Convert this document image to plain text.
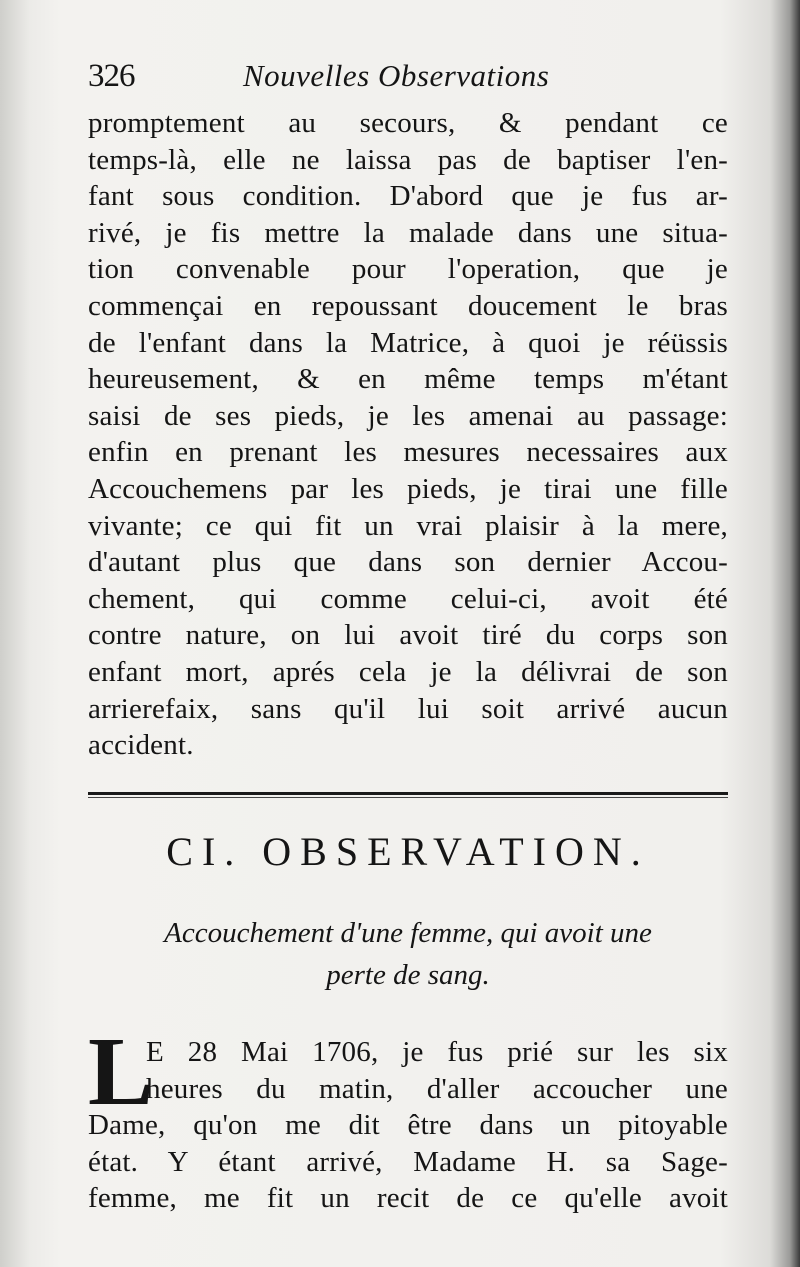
326	Nouvelles Observations
promptement au secours, & pendant ce
temps-là, elle ne laissa pas de baptiser l'en-
fant sous condition. D'abord que je fus ar-
rivé, je fis mettre la malade dans une situa-
tion convenable pour l'operation, que je
commençai en repoussant doucement le bras
de l'enfant dans la Matrice, à quoi je réüssis
heureusement, & en même temps m'étant
saisi de ses pieds, je les amenai au passage:
enfin en prenant les mesures necessaires aux
Accouchemens par les pieds, je tirai une fille
vivante; ce qui fit un vrai plaisir à la mere,
d'autant plus que dans son dernier Accou-
chement, qui comme celui-ci, avoit été
contre nature, on lui avoit tiré du corps son
enfant mort, aprés cela je la délivrai de son
arrierefaix, sans qu'il lui soit arrivé aucun
accident.
CI. OBSERVATION.
Accouchement d'une femme, qui avoit une
perte de sang.
L
E 28 Mai 1706, je fus prié sur les six
heures du matin, d'aller accoucher une
Dame, qu'on me dit être dans un pitoyable
état. Y étant arrivé, Madame H. sa Sage-
femme, me fit un recit de ce qu'elle avoit
